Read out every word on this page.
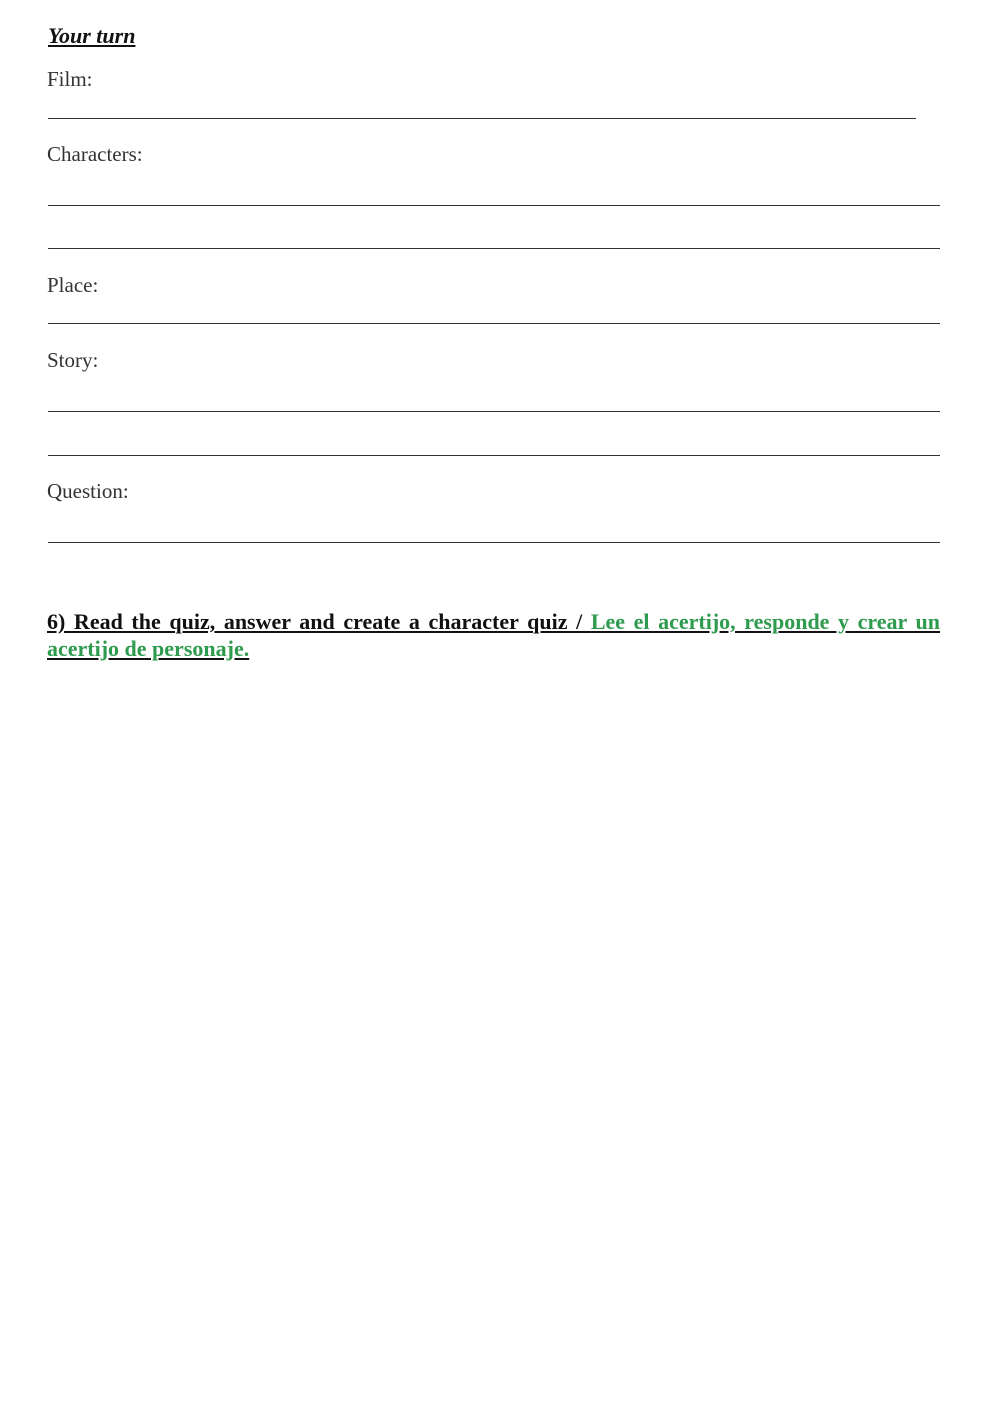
Your turn

Film:

Characters:

Place:

Story:

Question:

6) Read the quiz, answer and create a character quiz / Lee el acertijo, responde y crear un acertijo de personaje.
